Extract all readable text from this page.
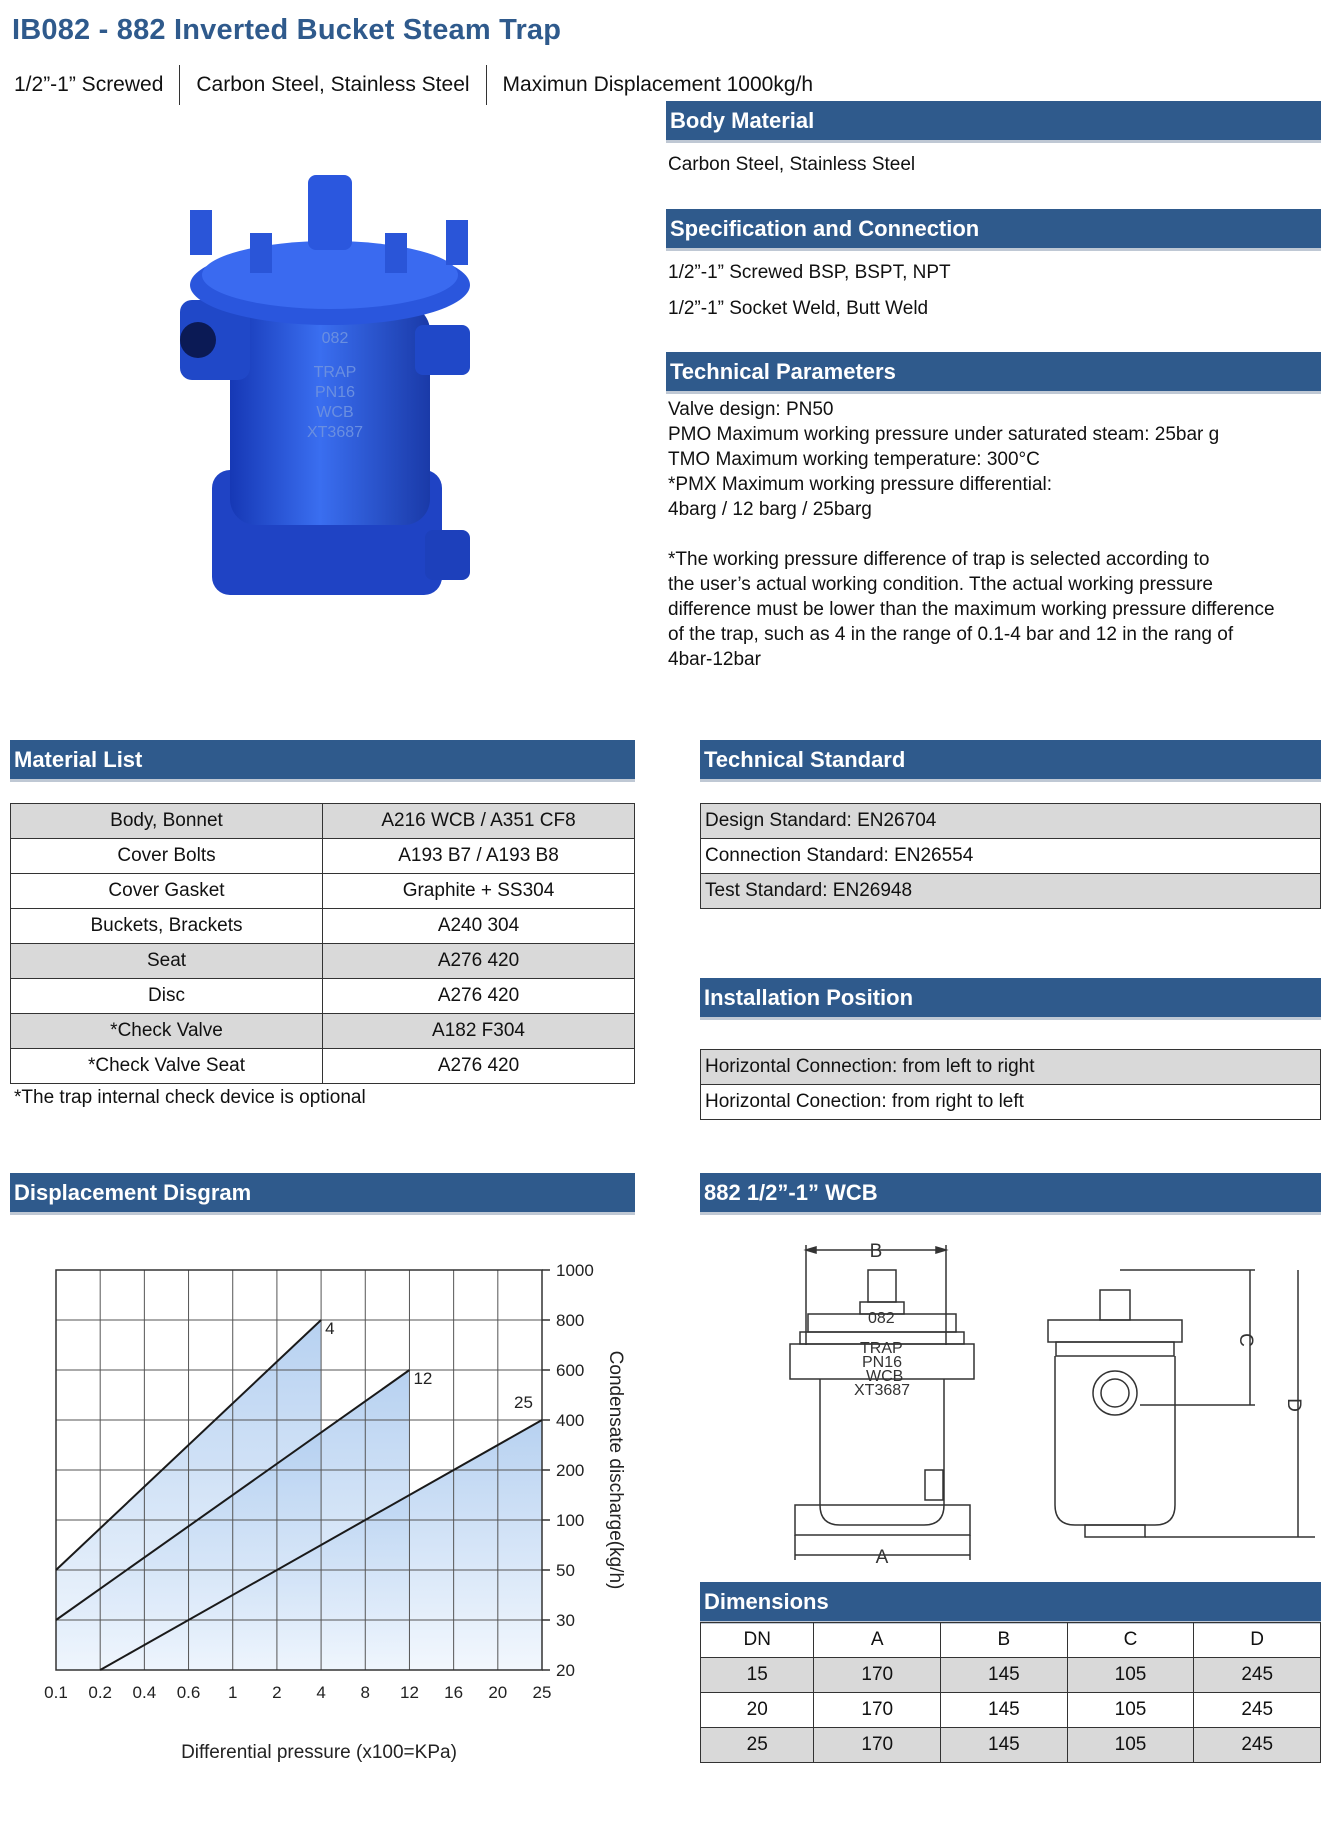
IB082 - 882 Inverted Bucket Steam Trap
1/2”-1” Screwed	Carbon Steel, Stainless Steel	Maximun Displacement 1000kg/h
082
TRAP
PN16
WCB
XT3687
Body Material
Carbon Steel, Stainless Steel
Specification and Connection
1/2”-1” Screwed BSP, BSPT, NPT
1/2”-1” Socket Weld, Butt Weld
Technical Parameters
Valve design: PN50
PMO Maximum working pressure under saturated steam: 25bar g
TMO Maximum working temperature: 300°C
*PMX Maximum working pressure differential:
4barg / 12 barg / 25barg
*The working pressure difference of trap is selected according to
the user’s actual working condition. Tthe actual working pressure
difference must be lower than the maximum working pressure difference
of the trap, such as 4 in the range of 0.1-4 bar and 12 in the rang of
4bar-12bar
Material List
Body, Bonnet	A216 WCB / A351 CF8
Cover Bolts	A193 B7 / A193 B8
Cover Gasket	Graphite + SS304
Buckets, Brackets	A240 304
Seat	A276 420
Disc	A276 420
*Check Valve	A182 F304
*Check Valve Seat	A276 420
*The trap internal check device is optional
Technical Standard
Design Standard: EN26704
Connection Standard: EN26554
Test Standard: EN26948
Installation Position
Horizontal Connection: from left to right
Horizontal Conection: from right to left
Displacement Disgram
4
12
25
0.1 0.2 0.4 0.6 1 2 4 8 12 16 20 25
20
30
50
100
200
400
600
800
1000
Condensate discharge(kg/h)
Differential pressure (x100=KPa)
882 1/2”-1” WCB
082
TRAP
PN16
WCB
XT3687
B
A
C
D
Dimensions
DN	A	B	C	D
15	170	145	105	245
20	170	145	105	245
25	170	145	105	245
